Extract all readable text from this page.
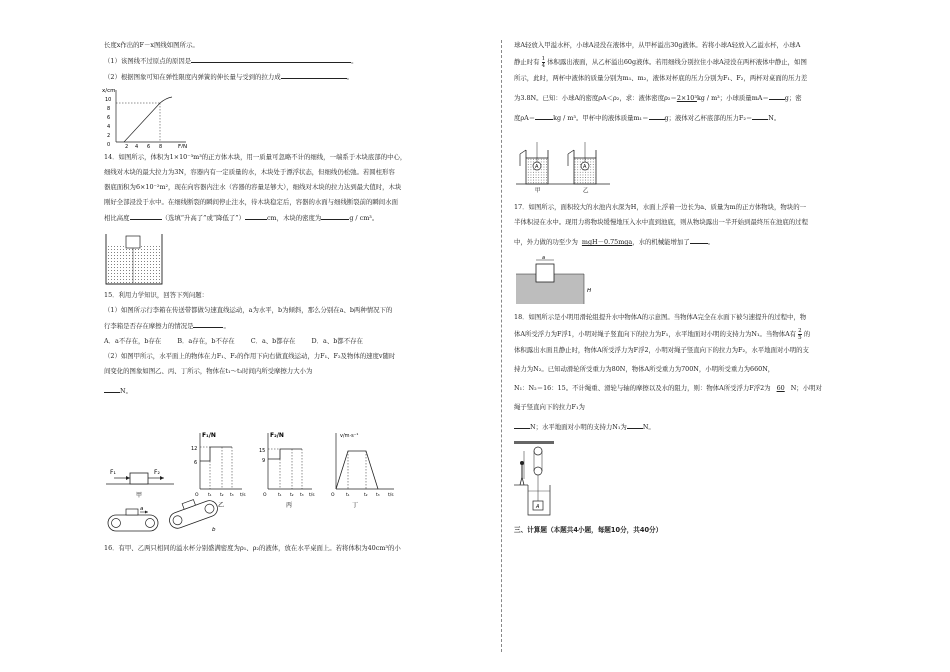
长度x作出的F－x图线如图所示。

（1）该图线不过原点的原因是	。

（2）根据图象可知在弹性限度内弹簧的伸长量与受到的拉力成	。

x/cm
F/N
10
8
6
4
2
0	2 4 6 8

14．如图所示，体积为1×10⁻³m³的正方体木块，用一质量可忽略不计的细线，一端系于木块底部的中心，

细线对木块的最大拉力为3N，容器内有一定质量的水，木块处于漂浮状态，但细线仍松弛。若圆柱形容

器底面积为6×10⁻²m²，现在向容器内注水（容器的容量足够大），细线对木块的拉力达到最大值时，木块

刚好全部浸没于水中。在细线断裂的瞬间停止注水，待木块稳定后，容器的水面与细线断裂前的瞬间水面

相比高度	（选填“升高了”或“降低了”）	cm，木块的密度为	g / cm³。

15．利用力学知识，回答下列问题：

（1）如图所示行李箱在传送带都做匀速直线运动，a为水平，b为倾斜，那么分别在a、b两种情况下的

行李箱是否存在摩擦力的情况是	。

A．a不存在，b存在	B．a存在，b不存在	C．a、b都存在	D．a、b都不存在

（2）如图甲所示，水平面上的物体在力F₁、F₂的作用下向右做直线运动，力F₁、F₂及物体的速度v随时

间变化的图象如图乙、丙、丁所示，物体在t₁～t₃时间内所受摩擦力大小为

N。

F₁	F₂
甲
F₁/N
12
6
O t₁ t₂ t₃ t/s
乙
F₂/N
15
9
O	t₁ t₂ t₃ t/s
丙
v/m·s⁻¹
O	t₁	t₂ t₃ t/s
丁
a
b

16．有甲、乙两只相同的溢水杯分别盛满密度为ρ₁、ρ₂的液体，放在水平桌面上。若将体积为40cm³的小

球A轻放入甲溢水杯，小球A浸没在液体中，从甲杯溢出30g液体。若将小球A轻放入乙溢水杯，小球A

静止时有 $\frac{1}{4}$ 体积露出液面，从乙杯溢出60g液体。若用细线分别拉住小球A浸没在两杯液体中静止，如图

所示，此时，两杯中液体的质量分别为m₁、m₂，液体对杯底的压力分别为F₁、F₂，两杯对桌面的压力差

为3.8N。已知：小球A的密度ρA＜ρ₂，求：液体密度ρ₂＝2×10³kg / m³；小球质量mA＝	g；密

度ρA＝	kg / m³。甲杯中的液体质量m₁＝	g；液体对乙杯底部的压力F₂＝	N。

A	A
甲	乙

17．如图所示，面积较大的水池内水深为H，水面上浮着一边长为a、质量为m的正方体物块，物块的一

半体积浸在水中。现用力将物块缓慢地压入水中直到池底，则从物块露出一半开始到最终压在池底的过程

中，外力做的功至少为 mgH－0.75mga，水的机械能增加了	。

a
H

18．如图所示是小明用滑轮组提升水中物体A的示意图。当物体A完全在水面下被匀速提升的过程中，物

体A所受浮力为F浮1，小明对绳子竖直向下的拉力为F₁，水平地面对小明的支持力为N₁。当物体A有 $\frac{2}{5}$ 的

体积露出水面且静止时，物体A所受浮力为F浮2，小明对绳子竖直向下的拉力为F₂，水平地面对小明的支

持力为N₂。已知动滑轮所受重力为80N，物体A所受重力为700N，小明所受重力为660N，

N₁：N₂＝16：15。不计绳重、滑轮与轴的摩擦以及水的阻力，则：物体A所受浮力F浮2为 60 N；小明对

绳子竖直向下的拉力F₁为

N；水平地面对小明的支持力N₁为	N。

A

三、计算题（本题共4小题，每题10分，共40分）
